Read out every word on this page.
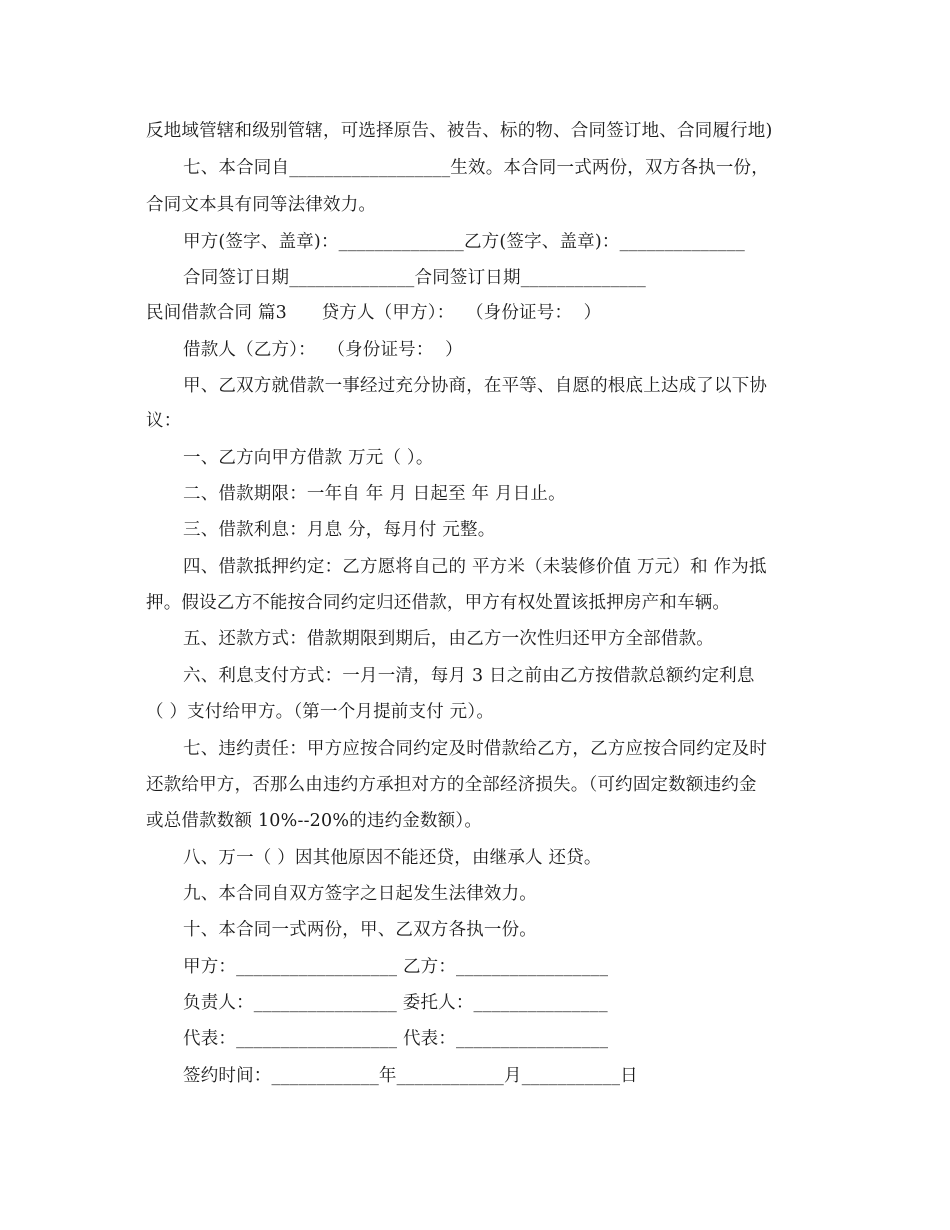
反地域管辖和级别管辖，可选择原告、被告、标的物、合同签订地、合同履行地)
七、本合同自__________________生效。本合同一式两份，双方各执一份，
合同文本具有同等法律效力。
甲方(签字、盖章)：______________乙方(签字、盖章)：______________
合同签订日期______________合同签订日期______________
民间借款合同 篇3      贷方人（甲方）：  （身份证号：  ）
借款人（乙方）：  （身份证号：  ）
甲、乙双方就借款一事经过充分协商，在平等、自愿的根底上达成了以下协
议：
一、乙方向甲方借款 万元（ ）。
二、借款期限：一年自 年 月 日起至 年 月日止。
三、借款利息：月息 分，每月付 元整。
四、借款抵押约定：乙方愿将自己的 平方米（未装修价值 万元）和 作为抵
押。假设乙方不能按合同约定归还借款，甲方有权处置该抵押房产和车辆。
五、还款方式：借款期限到期后，由乙方一次性归还甲方全部借款。
六、利息支付方式：一月一清，每月 3 日之前由乙方按借款总额约定利息
（ ）支付给甲方。（第一个月提前支付 元）。
七、违约责任：甲方应按合同约定及时借款给乙方，乙方应按合同约定及时
还款给甲方，否那么由违约方承担对方的全部经济损失。（可约固定数额违约金
或总借款数额 10%--20%的违约金数额）。
八、万一（ ）因其他原因不能还贷，由继承人 还贷。
九、本合同自双方签字之日起发生法律效力。
十、本合同一式两份，甲、乙双方各执一份。
甲方：__________________ 乙方：_________________
负责人：________________ 委托人：_______________
代表：__________________ 代表：_________________
签约时间：____________年____________月___________日
